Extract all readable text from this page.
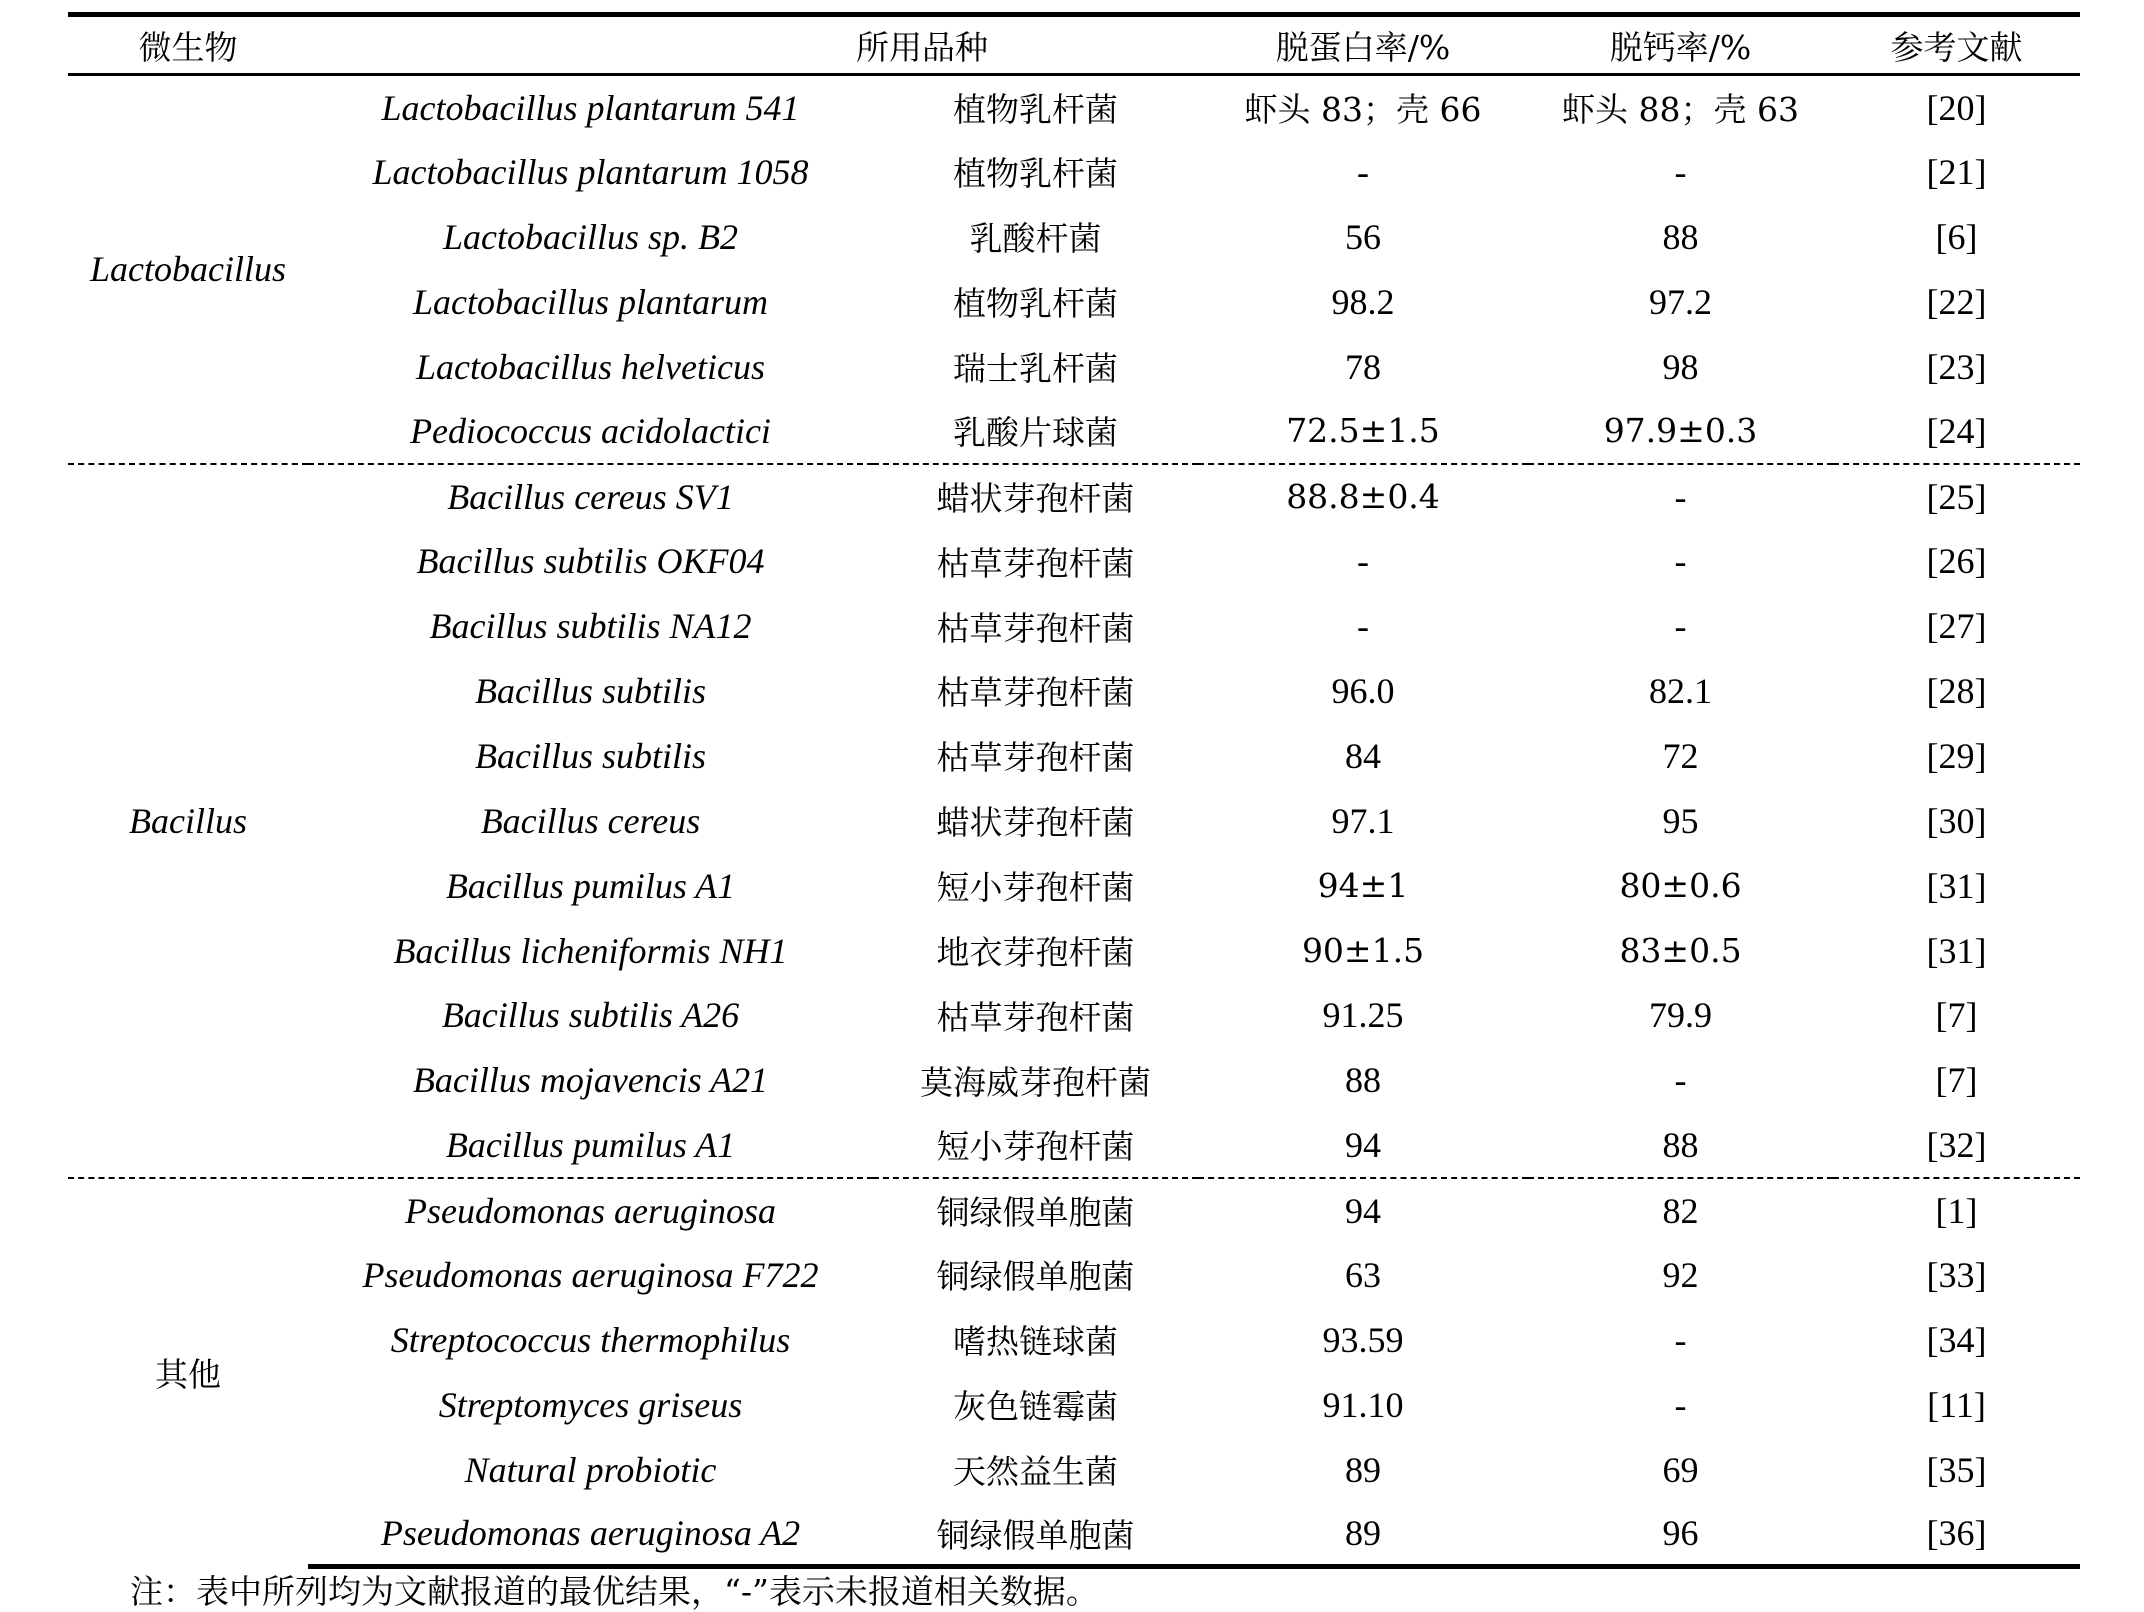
微生物	所用品种		脱蛋白率/%	脱钙率/%	参考文献
Lactobacillus	Lactobacillus plantarum 541	植物乳杆菌	虾头 83；壳 66	虾头 88；壳 63	[20]
	Lactobacillus plantarum 1058	植物乳杆菌	-	-	[21]
	Lactobacillus sp. B2	乳酸杆菌	56	88	[6]
	Lactobacillus plantarum	植物乳杆菌	98.2	97.2	[22]
	Lactobacillus helveticus	瑞士乳杆菌	78	98	[23]
	Pediococcus acidolactici	乳酸片球菌	72.5±1.5	97.9±0.3	[24]
Bacillus	Bacillus cereus SV1	蜡状芽孢杆菌	88.8±0.4	-	[25]
	Bacillus subtilis OKF04	枯草芽孢杆菌	-	-	[26]
	Bacillus subtilis NA12	枯草芽孢杆菌	-	-	[27]
	Bacillus subtilis	枯草芽孢杆菌	96.0	82.1	[28]
	Bacillus subtilis	枯草芽孢杆菌	84	72	[29]
	Bacillus cereus	蜡状芽孢杆菌	97.1	95	[30]
	Bacillus pumilus A1	短小芽孢杆菌	94±1	80±0.6	[31]
	Bacillus licheniformis NH1	地衣芽孢杆菌	90±1.5	83±0.5	[31]
	Bacillus subtilis A26	枯草芽孢杆菌	91.25	79.9	[7]
	Bacillus mojavencis A21	莫海威芽孢杆菌	88	-	[7]
	Bacillus pumilus A1	短小芽孢杆菌	94	88	[32]
其他	Pseudomonas aeruginosa	铜绿假单胞菌	94	82	[1]
	Pseudomonas aeruginosa F722	铜绿假单胞菌	63	92	[33]
	Streptococcus thermophilus	嗜热链球菌	93.59	-	[34]
	Streptomyces griseus	灰色链霉菌	91.10	-	[11]
	Natural probiotic	天然益生菌	89	69	[35]
	Pseudomonas aeruginosa A2	铜绿假单胞菌	89	96	[36]
注：表中所列均为文献报道的最优结果，“-”表示未报道相关数据。
